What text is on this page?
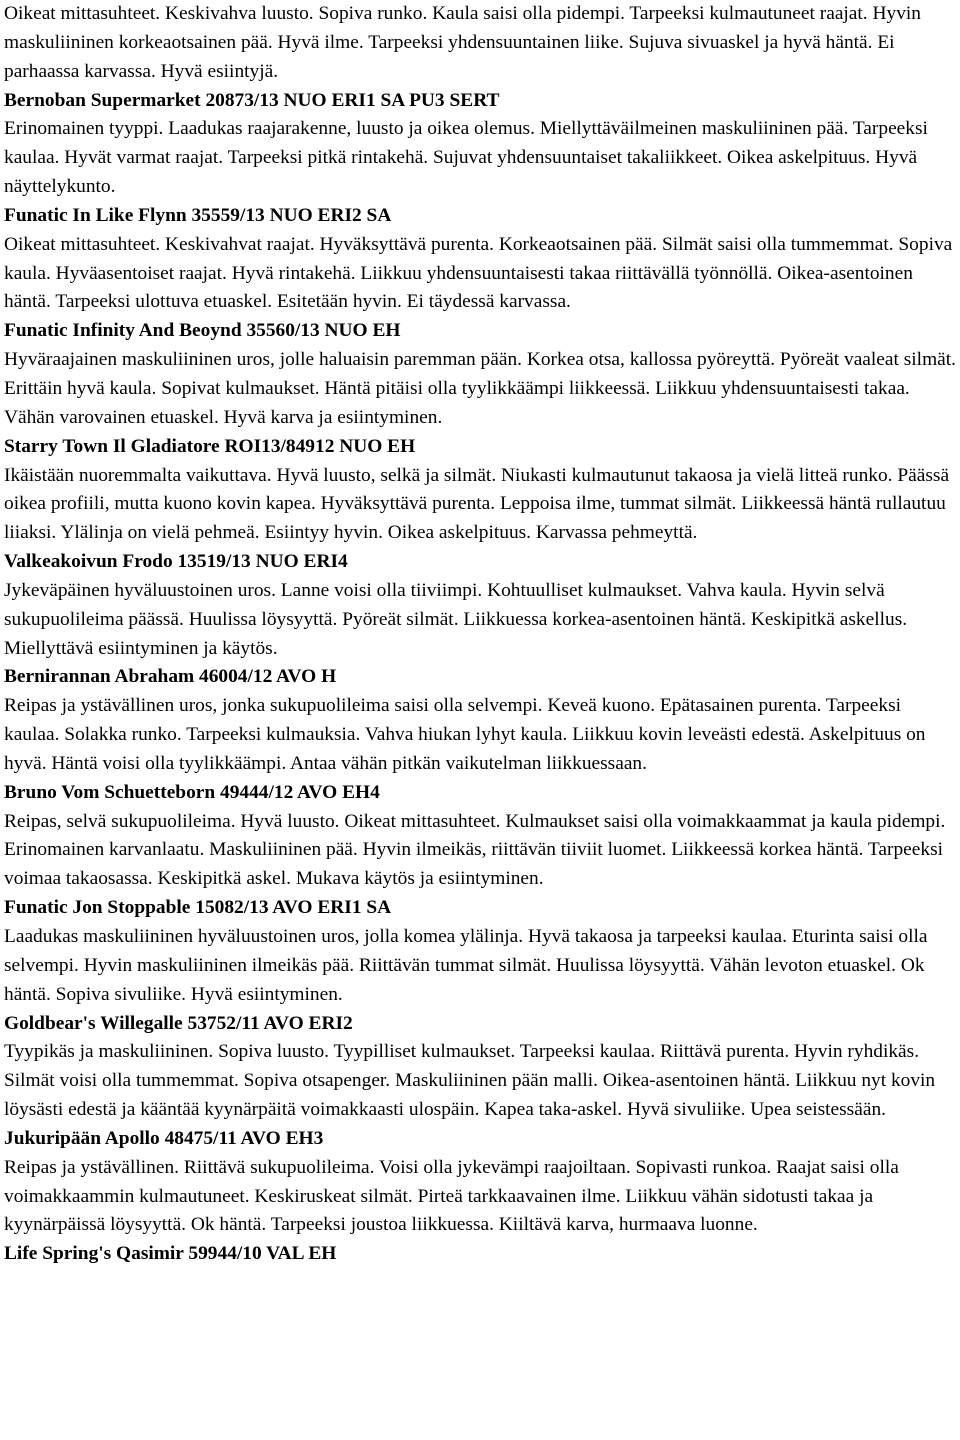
Oikeat mittasuhteet. Keskivahva luusto. Sopiva runko. Kaula saisi olla pidempi. Tarpeeksi kulmautuneet raajat. Hyvin maskuliininen korkeaotsainen pää. Hyvä ilme. Tarpeeksi yhdensuuntainen liike. Sujuva sivuaskel ja hyvä häntä. Ei parhaassa karvassa. Hyvä esiintyjä.

Bernoban Supermarket 20873/13 NUO ERI1 SA PU3 SERT

Erinomainen tyyppi. Laadukas raajarakenne, luusto ja oikea olemus. Miellyttäväilmeinen maskuliininen pää. Tarpeeksi kaulaa. Hyvät varmat raajat. Tarpeeksi pitkä rintakehä. Sujuvat yhdensuuntaiset takaliikkeet. Oikea askelpituus. Hyvä näyttelykunto.

Funatic In Like Flynn 35559/13 NUO ERI2 SA

Oikeat mittasuhteet. Keskivahvat raajat. Hyväksyttävä purenta. Korkeaotsainen pää. Silmät saisi olla tummemmat. Sopiva kaula. Hyväasentoiset raajat. Hyvä rintakehä. Liikkuu yhdensuuntaisesti takaa riittävällä työnnöllä. Oikea-asentoinen häntä. Tarpeeksi ulottuva etuaskel. Esitetään hyvin. Ei täydessä karvassa.

Funatic Infinity And Beoynd 35560/13 NUO EH

Hyväraajainen maskuliininen uros, jolle haluaisin paremman pään. Korkea otsa, kallossa pyöreyttä. Pyöreät vaaleat silmät. Erittäin hyvä kaula. Sopivat kulmaukset. Häntä pitäisi olla tyylikkäämpi liikkeessä. Liikkuu yhdensuuntaisesti takaa. Vähän varovainen etuaskel. Hyvä karva ja esiintyminen.

Starry Town Il Gladiatore ROI13/84912 NUO EH

Ikäistään nuoremmalta vaikuttava. Hyvä luusto, selkä ja silmät. Niukasti kulmautunut takaosa ja vielä litteä runko. Päässä oikea profiili, mutta kuono kovin kapea. Hyväksyttävä purenta. Leppoisa ilme, tummat silmät. Liikkeessä häntä rullautuu liiaksi. Ylälinja on vielä pehmeä. Esiintyy hyvin. Oikea askelpituus. Karvassa pehmeyttä.

Valkeakoivun Frodo 13519/13 NUO ERI4

Jykeväpäinen hyväluustoinen uros. Lanne voisi olla tiiviimpi. Kohtuulliset kulmaukset. Vahva kaula. Hyvin selvä sukupuolileima päässä. Huulissa löysyyttä. Pyöreät silmät. Liikkuessa korkea-asentoinen häntä. Keskipitkä askellus. Miellyttävä esiintyminen ja käytös.

Bernirannan Abraham 46004/12 AVO H

Reipas ja ystävällinen uros, jonka sukupuolileima saisi olla selvempi. Keveä kuono. Epätasainen purenta. Tarpeeksi kaulaa. Solakka runko. Tarpeeksi kulmauksia. Vahva hiukan lyhyt kaula. Liikkuu kovin leveästi edestä. Askelpituus on hyvä. Häntä voisi olla tyylikkäämpi. Antaa vähän pitkän vaikutelman liikkuessaan.

Bruno Vom Schuetteborn 49444/12 AVO EH4

Reipas, selvä sukupuolileima. Hyvä luusto. Oikeat mittasuhteet. Kulmaukset saisi olla voimakkaammat ja kaula pidempi. Erinomainen karvanlaatu. Maskuliininen pää. Hyvin ilmeikäs, riittävän tiiviit luomet. Liikkeessä korkea häntä. Tarpeeksi voimaa takaosassa. Keskipitkä askel. Mukava käytös ja esiintyminen.

Funatic Jon Stoppable 15082/13 AVO ERI1 SA

Laadukas maskuliininen hyväluustoinen uros, jolla komea ylälinja. Hyvä takaosa ja tarpeeksi kaulaa. Eturinta saisi olla selvempi. Hyvin maskuliininen ilmeikäs pää. Riittävän tummat silmät. Huulissa löysyyttä. Vähän levoton etuaskel. Ok häntä. Sopiva sivuliike. Hyvä esiintyminen.

Goldbear's Willegalle 53752/11 AVO ERI2

Tyypikäs ja maskuliininen. Sopiva luusto. Tyypilliset kulmaukset. Tarpeeksi kaulaa. Riittävä purenta. Hyvin ryhdikäs. Silmät voisi olla tummemmat. Sopiva otsapenger. Maskuliininen pään malli. Oikea-asentoinen häntä. Liikkuu nyt kovin löysästi edestä ja kääntää kyynärpäitä voimakkaasti ulospäin. Kapea taka-askel. Hyvä sivuliike. Upea seistessään.

Jukuripään Apollo 48475/11 AVO EH3

Reipas ja ystävällinen. Riittävä sukupuolileima. Voisi olla jykevämpi raajoiltaan. Sopivasti runkoa. Raajat saisi olla voimakkaammin kulmautuneet. Keskiruskeat silmät. Pirteä tarkkaavainen ilme. Liikkuu vähän sidotusti takaa ja kyynärpäissä löysyyttä. Ok häntä. Tarpeeksi joustoa liikkuessa. Kiiltävä karva, hurmaava luonne.

Life Spring's Qasimir 59944/10 VAL EH
